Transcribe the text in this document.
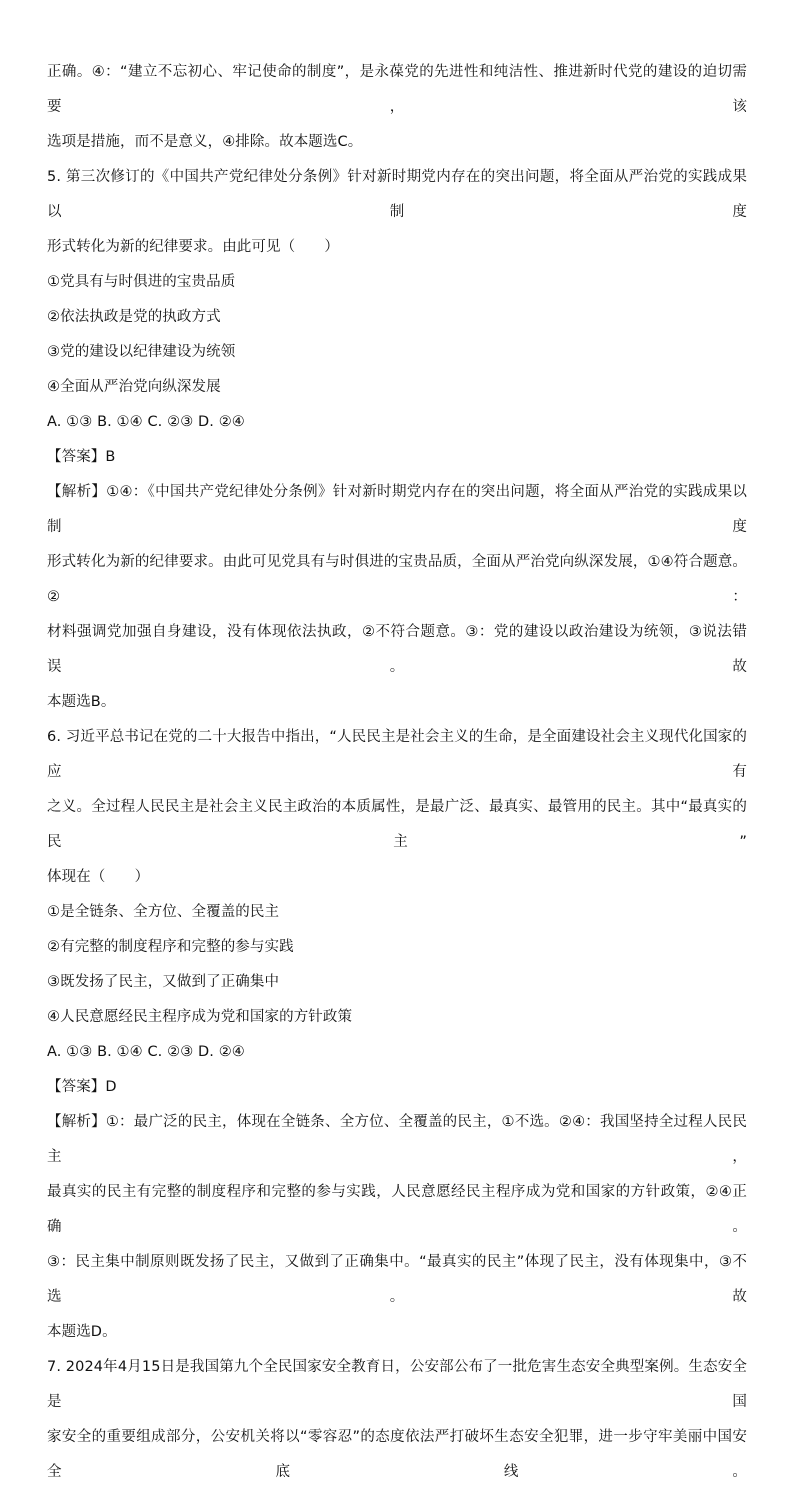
正确。④：“建立不忘初心、牢记使命的制度”，是永葆党的先进性和纯洁性、推进新时代党的建设的迫切需要，该
选项是措施，而不是意义，④排除。故本题选C。
5. 第三次修订的《中国共产党纪律处分条例》针对新时期党内存在的突出问题，将全面从严治党的实践成果以制度
形式转化为新的纪律要求。由此可见（　　）
①党具有与时俱进的宝贵品质
②依法执政是党的执政方式
③党的建设以纪律建设为统领
④全面从严治党向纵深发展
A. ①③ B. ①④ C. ②③ D. ②④
【答案】B
【解析】①④：《中国共产党纪律处分条例》针对新时期党内存在的突出问题，将全面从严治党的实践成果以制度
形式转化为新的纪律要求。由此可见党具有与时俱进的宝贵品质，全面从严治党向纵深发展，①④符合题意。②：
材料强调党加强自身建设，没有体现依法执政，②不符合题意。③：党的建设以政治建设为统领，③说法错误。故
本题选B。
6. 习近平总书记在党的二十大报告中指出，“人民民主是社会主义的生命，是全面建设社会主义现代化国家的应有
之义。全过程人民民主是社会主义民主政治的本质属性，是最广泛、最真实、最管用的民主。其中“最真实的民主”
体现在（　　）
①是全链条、全方位、全覆盖的民主
②有完整的制度程序和完整的参与实践
③既发扬了民主，又做到了正确集中
④人民意愿经民主程序成为党和国家的方针政策
A. ①③ B. ①④ C. ②③ D. ②④
【答案】D
【解析】①：最广泛的民主，体现在全链条、全方位、全覆盖的民主，①不选。②④：我国坚持全过程人民民主，
最真实的民主有完整的制度程序和完整的参与实践，人民意愿经民主程序成为党和国家的方针政策，②④正确。
③：民主集中制原则既发扬了民主，又做到了正确集中。“最真实的民主”体现了民主，没有体现集中，③不选。故
本题选D。
7. 2024年4月15日是我国第九个全民国家安全教育日，公安部公布了一批危害生态安全典型案例。生态安全是国
家安全的重要组成部分，公安机关将以“零容忍”的态度依法严打破坏生态安全犯罪，进一步守牢美丽中国安全底线。
